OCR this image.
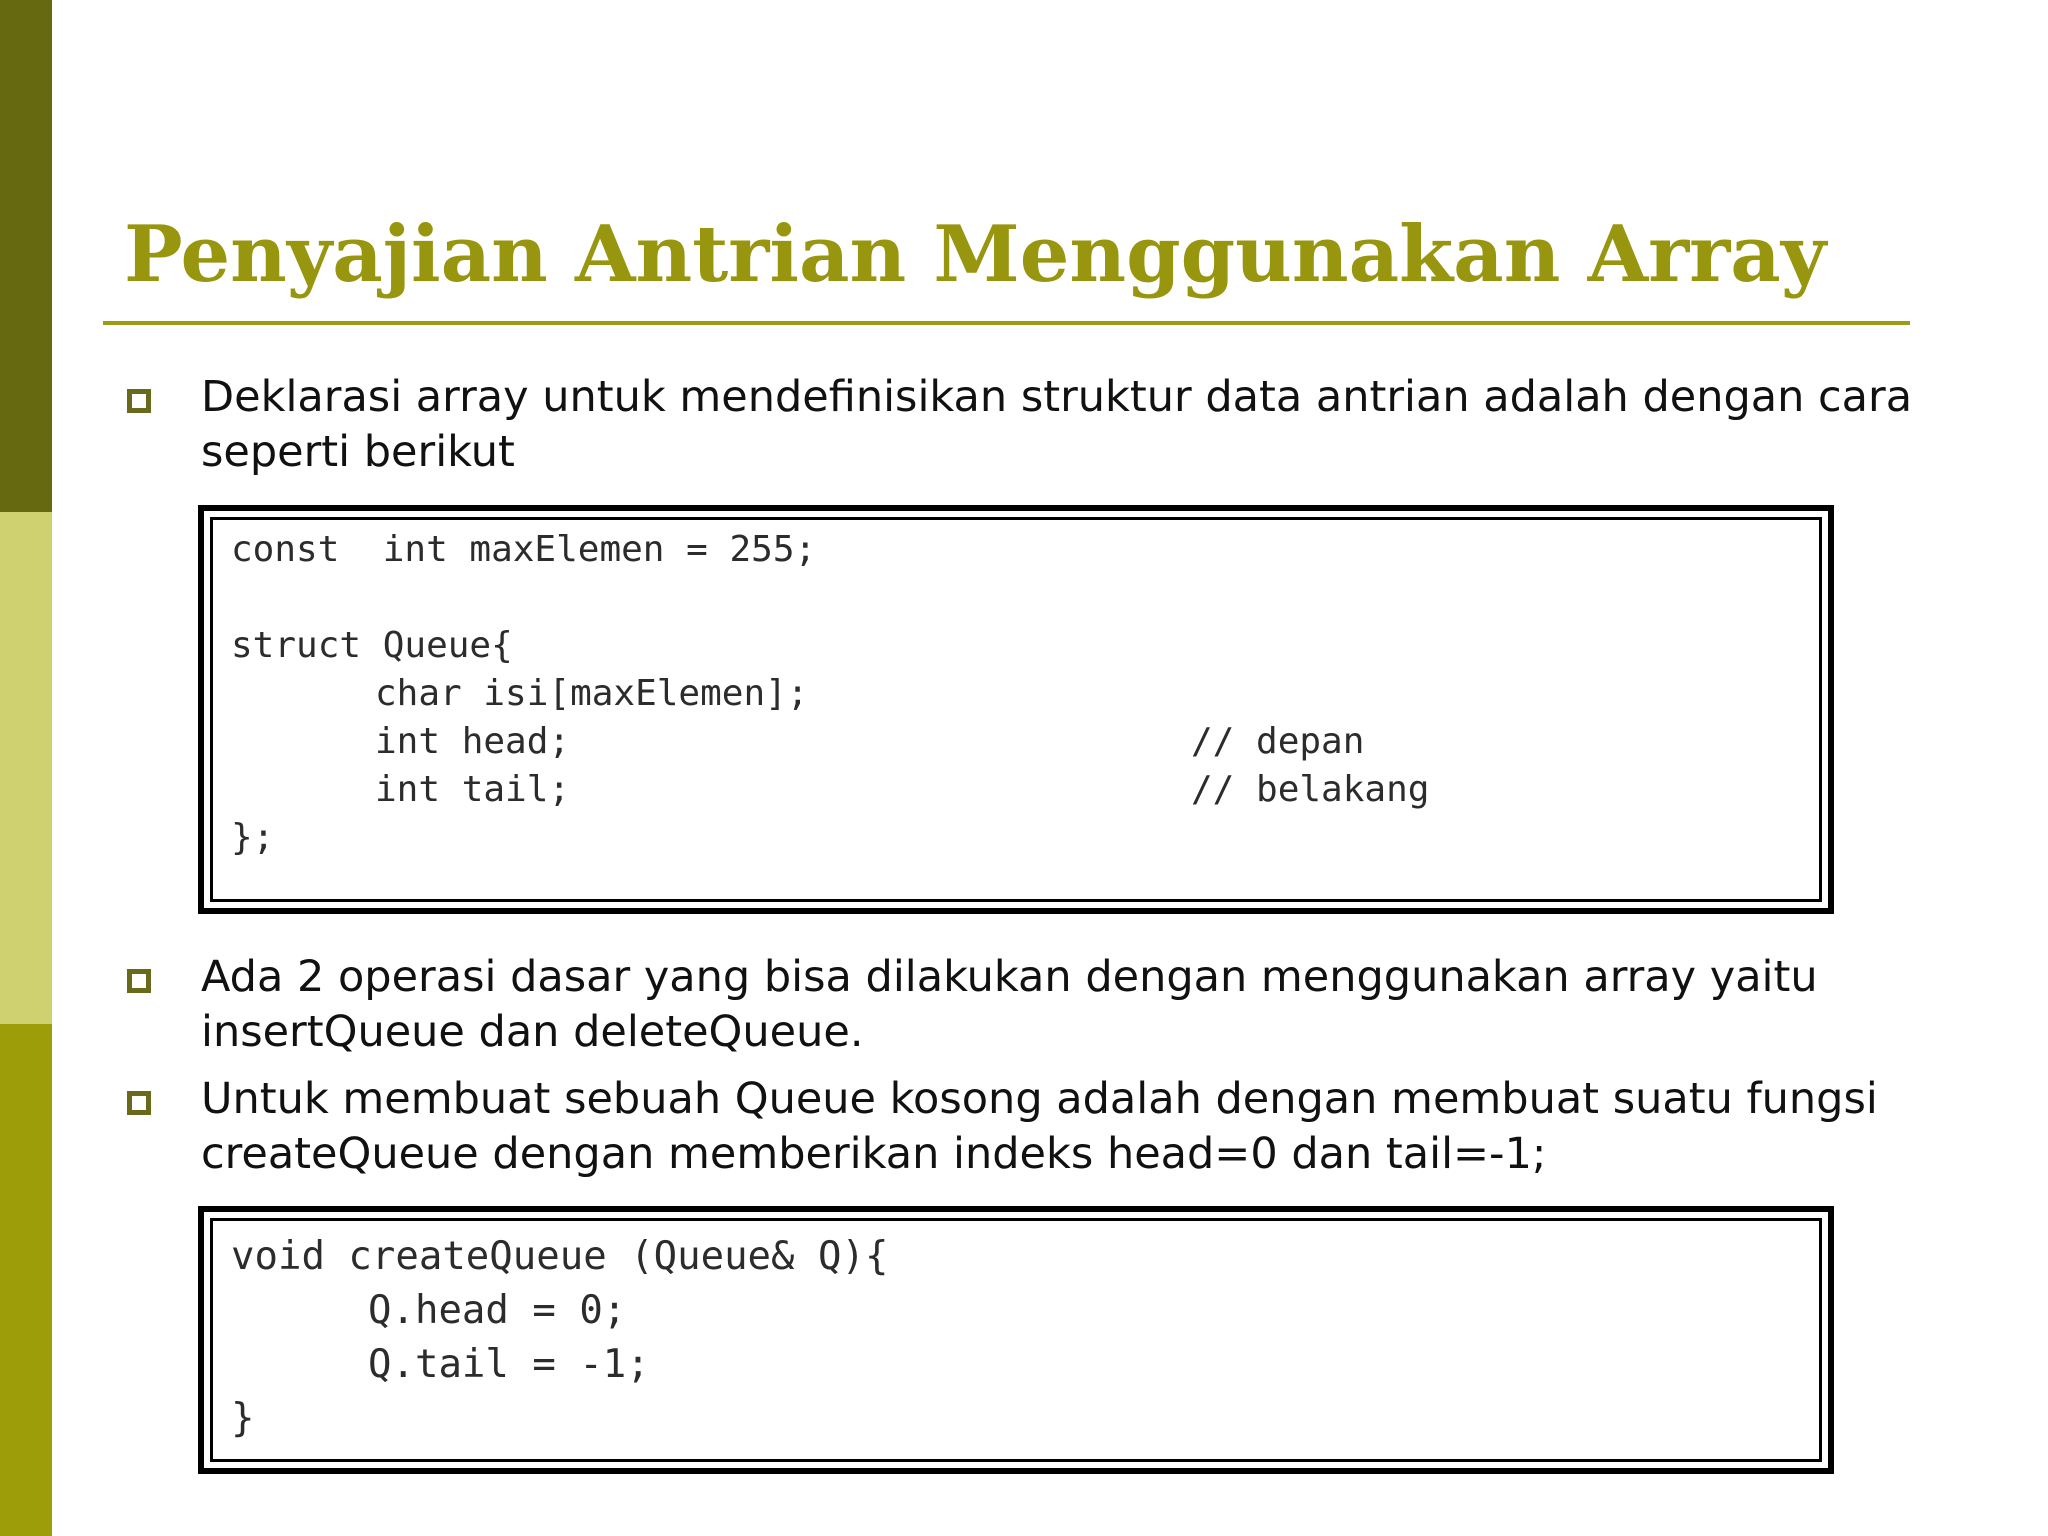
Penyajian Antrian Menggunakan Array

Deklarasi array untuk mendefinisikan struktur data antrian adalah dengan cara seperti berikut

const  int maxElemen = 255;
struct Queue{
char isi[maxElemen];
int head;	// depan
int tail;	// belakang
};

Ada 2 operasi dasar yang bisa dilakukan dengan menggunakan array yaitu insertQueue dan deleteQueue.

Untuk membuat sebuah Queue kosong adalah dengan membuat suatu fungsi createQueue dengan memberikan indeks head=0 dan tail=-1;

void createQueue (Queue& Q){
Q.head = 0;
Q.tail = -1;
}
